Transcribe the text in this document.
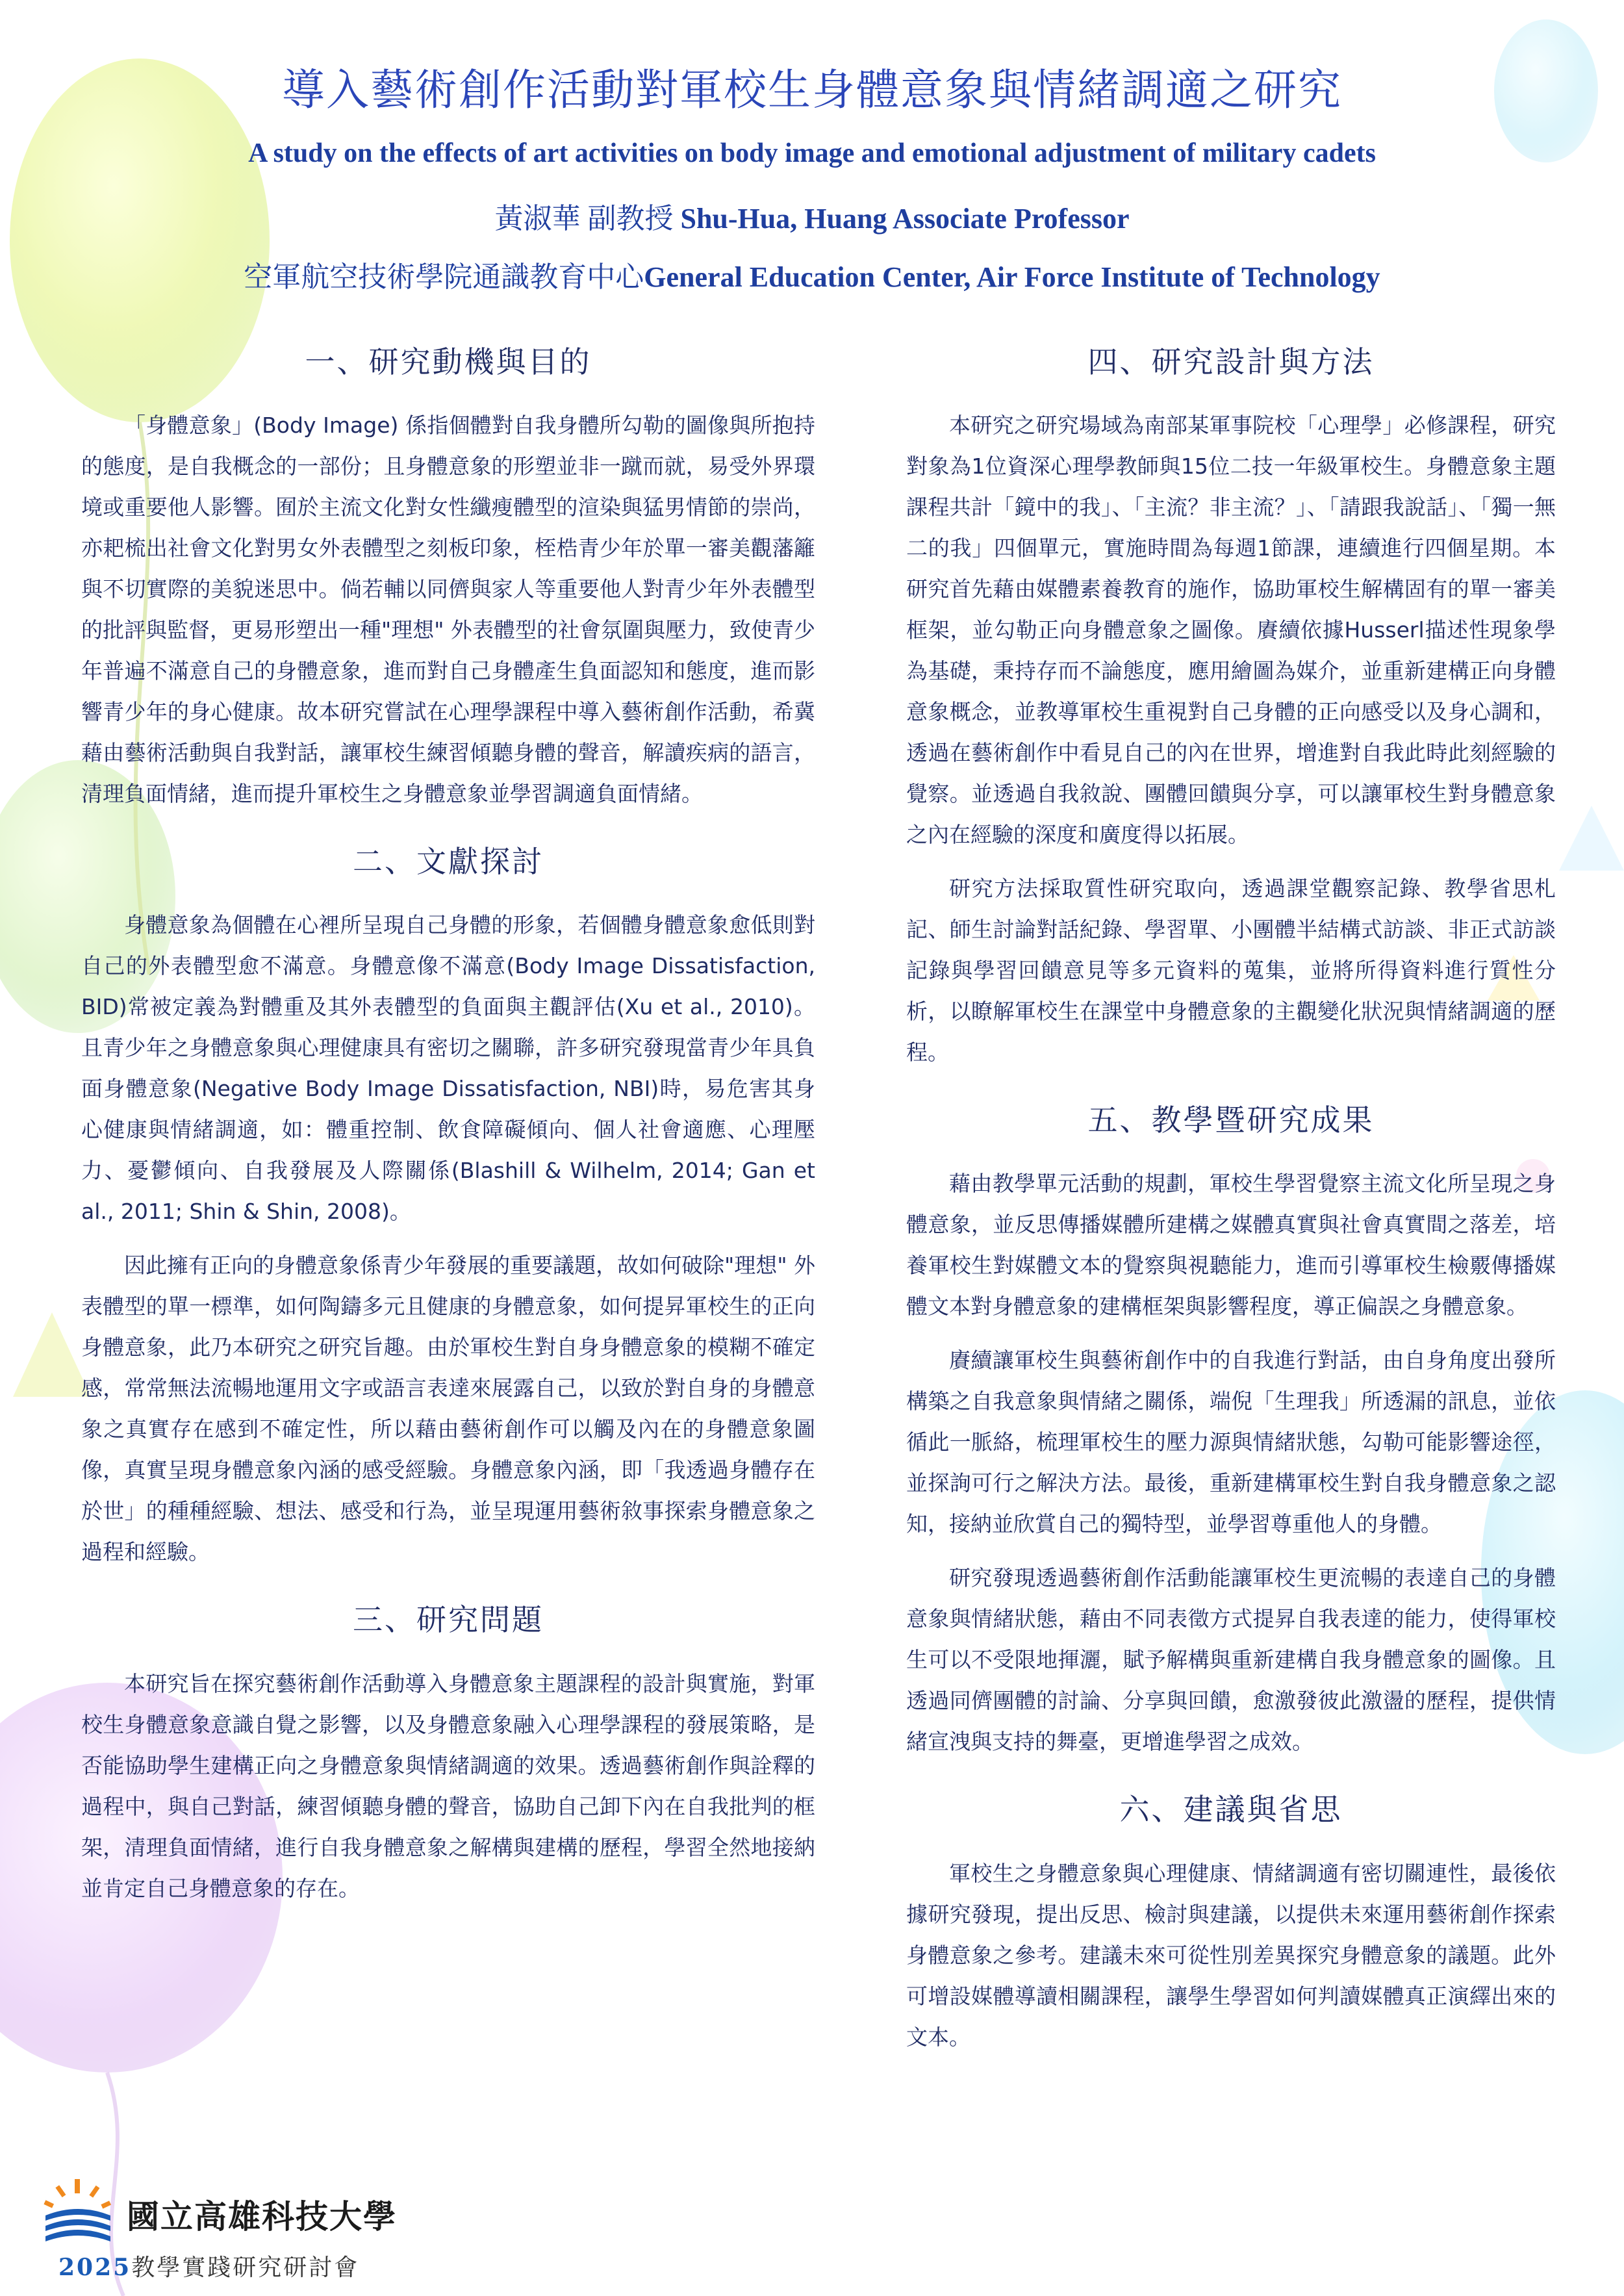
導入藝術創作活動對軍校生身體意象與情緒調適之研究
A study on the effects of art activities on body image and emotional adjustment of military cadets
黃淑華 副教授 Shu-Hua, Huang Associate Professor
空軍航空技術學院通識教育中心General Education Center, Air Force Institute of Technology
一、研究動機與目的

「身體意象」(Body Image) 係指個體對自我身體所勾勒的圖像與所抱持的態度，是自我概念的一部份；且身體意象的形塑並非一蹴而就，易受外界環境或重要他人影響。囿於主流文化對女性纖瘦體型的渲染與猛男情節的崇尚，亦耙梳出社會文化對男女外表體型之刻板印象，桎梏青少年於單一審美觀藩籬與不切實際的美貌迷思中。倘若輔以同儕與家人等重要他人對青少年外表體型的批評與監督，更易形塑出一種"理想" 外表體型的社會氛圍與壓力，致使青少年普遍不滿意自己的身體意象，進而對自己身體產生負面認知和態度，進而影響青少年的身心健康。故本研究嘗試在心理學課程中導入藝術創作活動，希冀藉由藝術活動與自我對話，讓軍校生練習傾聽身體的聲音，解讀疾病的語言，清理負面情緒，進而提升軍校生之身體意象並學習調適負面情緒。

二、文獻探討

身體意象為個體在心裡所呈現自己身體的形象，若個體身體意象愈低則對自己的外表體型愈不滿意。身體意像不滿意(Body Image Dissatisfaction, BID)常被定義為對體重及其外表體型的負面與主觀評估(Xu et al., 2010)。且青少年之身體意象與心理健康具有密切之關聯，許多研究發現當青少年具負面身體意象(Negative Body Image Dissatisfaction, NBI)時，易危害其身心健康與情緒調適，如：體重控制、飲食障礙傾向、個人社會適應、心理壓力、憂鬱傾向、自我發展及人際關係(Blashill & Wilhelm, 2014; Gan et al., 2011; Shin & Shin, 2008)。

因此擁有正向的身體意象係青少年發展的重要議題，故如何破除"理想" 外表體型的單一標準，如何陶鑄多元且健康的身體意象，如何提昇軍校生的正向身體意象，此乃本研究之研究旨趣。由於軍校生對自身身體意象的模糊不確定感，常常無法流暢地運用文字或語言表達來展露自己，以致於對自身的身體意象之真實存在感到不確定性，所以藉由藝術創作可以觸及內在的身體意象圖像，真實呈現身體意象內涵的感受經驗。身體意象內涵，即「我透過身體存在於世」的種種經驗、想法、感受和行為，並呈現運用藝術敘事探索身體意象之過程和經驗。

三、研究問題

本研究旨在探究藝術創作活動導入身體意象主題課程的設計與實施，對軍校生身體意象意識自覺之影響，以及身體意象融入心理學課程的發展策略，是否能協助學生建構正向之身體意象與情緒調適的效果。透過藝術創作與詮釋的過程中，與自己對話，練習傾聽身體的聲音，協助自己卸下內在自我批判的框架，清理負面情緒，進行自我身體意象之解構與建構的歷程，學習全然地接納並肯定自己身體意象的存在。

四、研究設計與方法

本研究之研究場域為南部某軍事院校「心理學」必修課程，研究對象為1位資深心理學教師與15位二技一年級軍校生。身體意象主題課程共計「鏡中的我」、「主流？非主流？」、「請跟我說話」、「獨一無二的我」四個單元，實施時間為每週1節課，連續進行四個星期。本研究首先藉由媒體素養教育的施作，協助軍校生解構固有的單一審美框架，並勾勒正向身體意象之圖像。賡續依據Husserl描述性現象學為基礎，秉持存而不論態度，應用繪圖為媒介，並重新建構正向身體意象概念，並教導軍校生重視對自己身體的正向感受以及身心調和，透過在藝術創作中看見自己的內在世界，增進對自我此時此刻經驗的覺察。並透過自我敘說、團體回饋與分享，可以讓軍校生對身體意象之內在經驗的深度和廣度得以拓展。

研究方法採取質性研究取向，透過課堂觀察記錄、教學省思札記、師生討論對話紀錄、學習單、小團體半結構式訪談、非正式訪談記錄與學習回饋意見等多元資料的蒐集，並將所得資料進行質性分析，以瞭解軍校生在課堂中身體意象的主觀變化狀況與情緒調適的歷程。

五、教學暨研究成果

藉由教學單元活動的規劃，軍校生學習覺察主流文化所呈現之身體意象，並反思傳播媒體所建構之媒體真實與社會真實間之落差，培養軍校生對媒體文本的覺察與視聽能力，進而引導軍校生檢覈傳播媒體文本對身體意象的建構框架與影響程度，導正偏誤之身體意象。

賡續讓軍校生與藝術創作中的自我進行對話，由自身角度出發所構築之自我意象與情緒之關係，端倪「生理我」所透漏的訊息，並依循此一脈絡，梳理軍校生的壓力源與情緒狀態，勾勒可能影響途徑，並探詢可行之解決方法。最後，重新建構軍校生對自我身體意象之認知，接納並欣賞自己的獨特型，並學習尊重他人的身體。

研究發現透過藝術創作活動能讓軍校生更流暢的表達自己的身體意象與情緒狀態，藉由不同表徵方式提昇自我表達的能力，使得軍校生可以不受限地揮灑，賦予解構與重新建構自我身體意象的圖像。且透過同儕團體的討論、分享與回饋，愈激發彼此激盪的歷程，提供情緒宣洩與支持的舞臺，更增進學習之成效。

六、建議與省思

軍校生之身體意象與心理健康、情緒調適有密切關連性，最後依據研究發現，提出反思、檢討與建議，以提供未來運用藝術創作探索身體意象之參考。建議未來可從性別差異探究身體意象的議題。此外可增設媒體導讀相關課程，讓學生學習如何判讀媒體真正演繹出來的文本。

國立高雄科技大學
2025教學實踐研究研討會
